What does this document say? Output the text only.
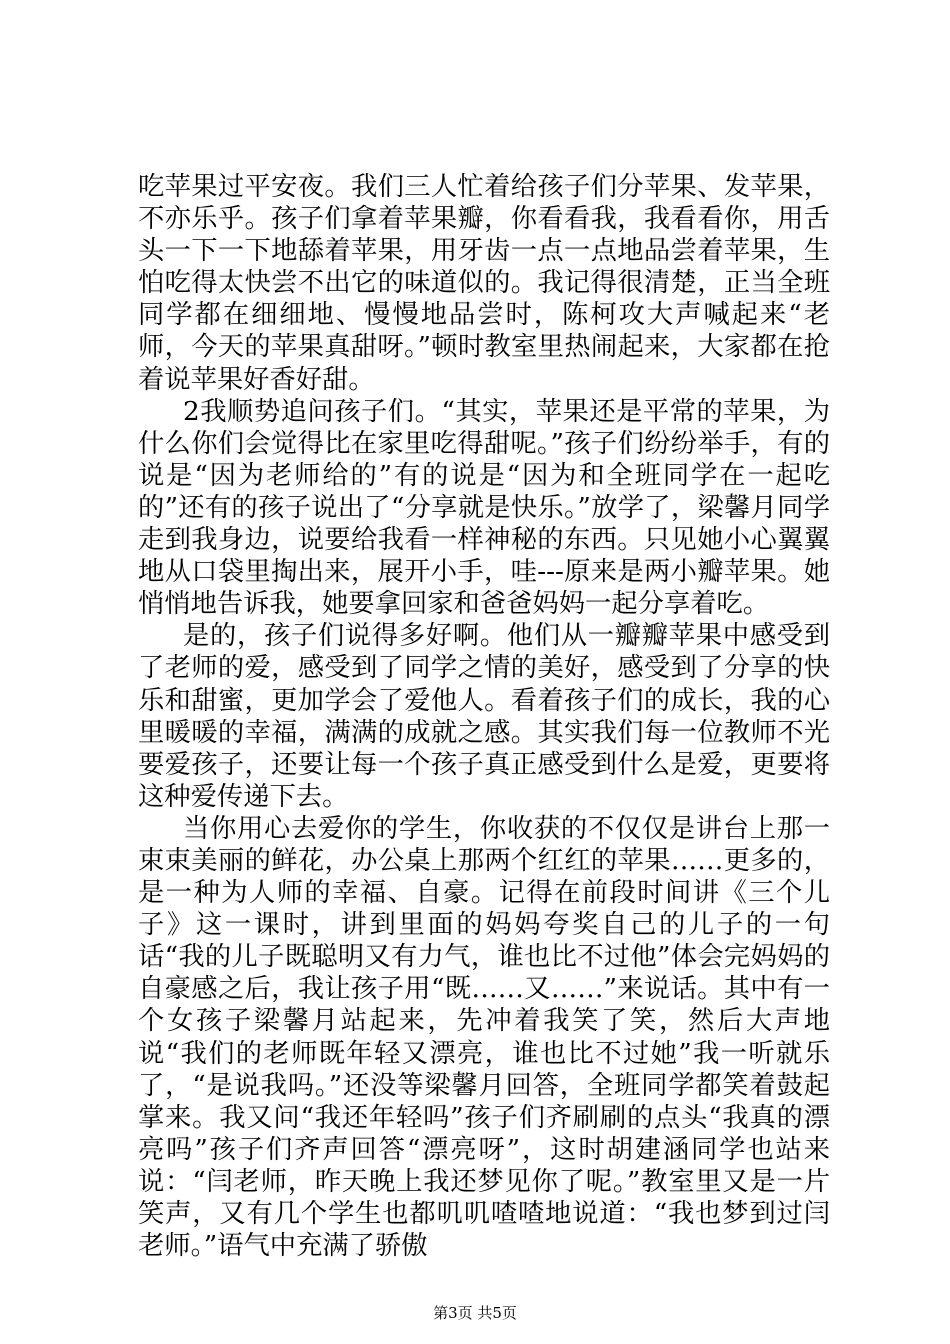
吃苹果过平安夜。我们三人忙着给孩子们分苹果、发苹果，不亦乐乎。孩子们拿着苹果瓣，你看看我，我看看你，用舌头一下一下地舔着苹果，用牙齿一点一点地品尝着苹果，生怕吃得太快尝不出它的味道似的。我记得很清楚，正当全班同学都在细细地、慢慢地品尝时，陈柯攻大声喊起来“老师，今天的苹果真甜呀。”顿时教室里热闹起来，大家都在抢着说苹果好香好甜。

2我顺势追问孩子们。“其实，苹果还是平常的苹果，为什么你们会觉得比在家里吃得甜呢。”孩子们纷纷举手，有的说是“因为老师给的”有的说是“因为和全班同学在一起吃的”还有的孩子说出了“分享就是快乐。”放学了，梁馨月同学走到我身边，说要给我看一样神秘的东西。只见她小心翼翼地从口袋里掏出来，展开小手，哇---原来是两小瓣苹果。她悄悄地告诉我，她要拿回家和爸爸妈妈一起分享着吃。

是的，孩子们说得多好啊。他们从一瓣瓣苹果中感受到了老师的爱，感受到了同学之情的美好，感受到了分享的快乐和甜蜜，更加学会了爱他人。看着孩子们的成长，我的心里暖暖的幸福，满满的成就之感。其实我们每一位教师不光要爱孩子，还要让每一个孩子真正感受到什么是爱，更要将这种爱传递下去。

当你用心去爱你的学生，你收获的不仅仅是讲台上那一束束美丽的鲜花，办公桌上那两个红红的苹果……更多的，是一种为人师的幸福、自豪。记得在前段时间讲《三个儿子》这一课时，讲到里面的妈妈夸奖自己的儿子的一句话“我的儿子既聪明又有力气，谁也比不过他”体会完妈妈的自豪感之后，我让孩子用“既……又……”来说话。其中有一个女孩子梁馨月站起来，先冲着我笑了笑，然后大声地说“我们的老师既年轻又漂亮，谁也比不过她”我一听就乐了，“是说我吗。”还没等梁馨月回答，全班同学都笑着鼓起掌来。我又问“我还年轻吗”孩子们齐刷刷的点头“我真的漂亮吗”孩子们齐声回答“漂亮呀”，这时胡建涵同学也站来说：“闫老师，昨天晚上我还梦见你了呢。”教室里又是一片笑声，又有几个学生也都叽叽喳喳地说道：“我也梦到过闫老师。”语气中充满了骄傲

第3页 共5页
